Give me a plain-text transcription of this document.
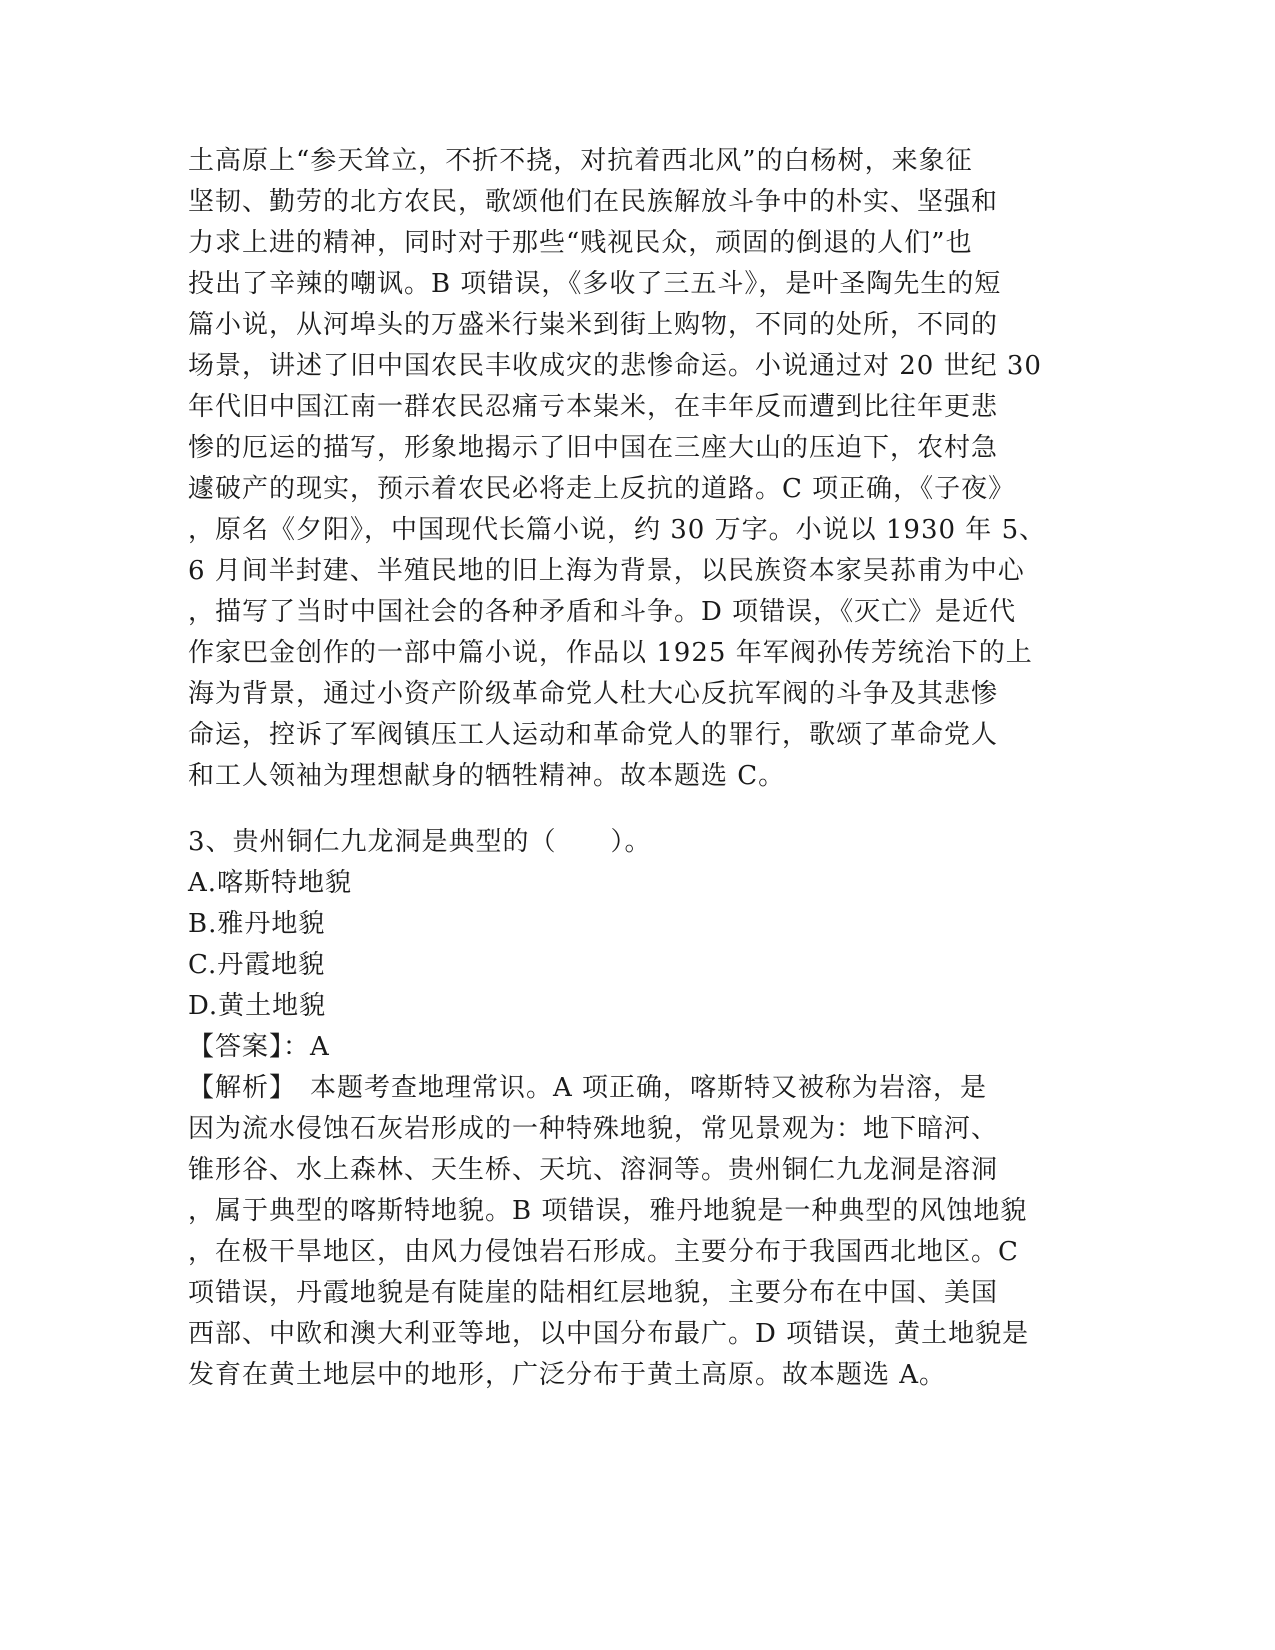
土高原上“参天耸立，不折不挠，对抗着西北风”的白杨树，来象征
坚韧、勤劳的北方农民，歌颂他们在民族解放斗争中的朴实、坚强和
力求上进的精神，同时对于那些“贱视民众，顽固的倒退的人们”也
投出了辛辣的嘲讽。B 项错误，《多收了三五斗》，是叶圣陶先生的短
篇小说，从河埠头的万盛米行粜米到街上购物，不同的处所，不同的
场景，讲述了旧中国农民丰收成灾的悲惨命运。小说通过对 20 世纪 30
年代旧中国江南一群农民忍痛亏本粜米，在丰年反而遭到比往年更悲
惨的厄运的描写，形象地揭示了旧中国在三座大山的压迫下，农村急
遽破产的现实，预示着农民必将走上反抗的道路。C 项正确，《子夜》
，原名《夕阳》，中国现代长篇小说，约 30 万字。小说以 1930 年 5、
6 月间半封建、半殖民地的旧上海为背景，以民族资本家吴荪甫为中心
，描写了当时中国社会的各种矛盾和斗争。D 项错误，《灭亡》是近代
作家巴金创作的一部中篇小说，作品以 1925 年军阀孙传芳统治下的上
海为背景，通过小资产阶级革命党人杜大心反抗军阀的斗争及其悲惨
命运，控诉了军阀镇压工人运动和革命党人的罪行，歌颂了革命党人
和工人领袖为理想献身的牺牲精神。故本题选 C。
3、贵州铜仁九龙洞是典型的（　　）。
A.喀斯特地貌
B.雅丹地貌
C.丹霞地貌
D.黄土地貌
【答案】：A
【解析】　本题考查地理常识。A 项正确，喀斯特又被称为岩溶，是
因为流水侵蚀石灰岩形成的一种特殊地貌，常见景观为：地下暗河、
锥形谷、水上森林、天生桥、天坑、溶洞等。贵州铜仁九龙洞是溶洞
，属于典型的喀斯特地貌。B 项错误，雅丹地貌是一种典型的风蚀地貌
，在极干旱地区，由风力侵蚀岩石形成。主要分布于我国西北地区。C
项错误，丹霞地貌是有陡崖的陆相红层地貌，主要分布在中国、美国
西部、中欧和澳大利亚等地，以中国分布最广。D 项错误，黄土地貌是
发育在黄土地层中的地形，广泛分布于黄土高原。故本题选 A。
